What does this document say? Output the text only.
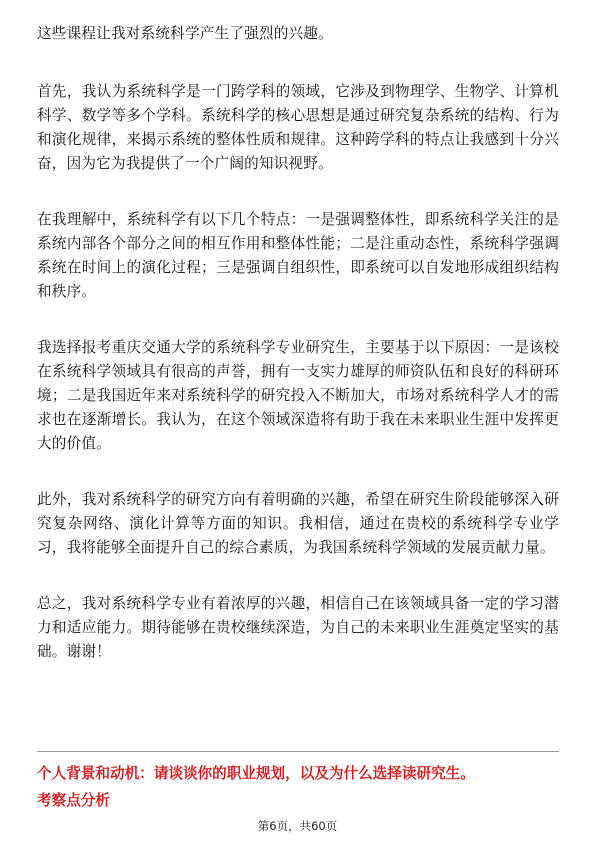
这些课程让我对系统科学产生了强烈的兴趣。

首先，我认为系统科学是一门跨学科的领域，它涉及到物理学、生物学、计算机科学、数学等多个学科。系统科学的核心思想是通过研究复杂系统的结构、行为和演化规律，来揭示系统的整体性质和规律。这种跨学科的特点让我感到十分兴奋，因为它为我提供了一个广阔的知识视野。

在我理解中，系统科学有以下几个特点：一是强调整体性，即系统科学关注的是系统内部各个部分之间的相互作用和整体性能；二是注重动态性，系统科学强调系统在时间上的演化过程；三是强调自组织性，即系统可以自发地形成组织结构和秩序。

我选择报考重庆交通大学的系统科学专业研究生，主要基于以下原因：一是该校在系统科学领域具有很高的声誉，拥有一支实力雄厚的师资队伍和良好的科研环境；二是我国近年来对系统科学的研究投入不断加大，市场对系统科学人才的需求也在逐渐增长。我认为，在这个领域深造将有助于我在未来职业生涯中发挥更大的价值。

此外，我对系统科学的研究方向有着明确的兴趣，希望在研究生阶段能够深入研究复杂网络、演化计算等方面的知识。我相信，通过在贵校的系统科学专业学习，我将能够全面提升自己的综合素质，为我国系统科学领域的发展贡献力量。

总之，我对系统科学专业有着浓厚的兴趣，相信自己在该领域具备一定的学习潜力和适应能力。期待能够在贵校继续深造，为自己的未来职业生涯奠定坚实的基础。谢谢！

个人背景和动机：请谈谈你的职业规划，以及为什么选择读研究生。
考察点分析
第6页，共60页
